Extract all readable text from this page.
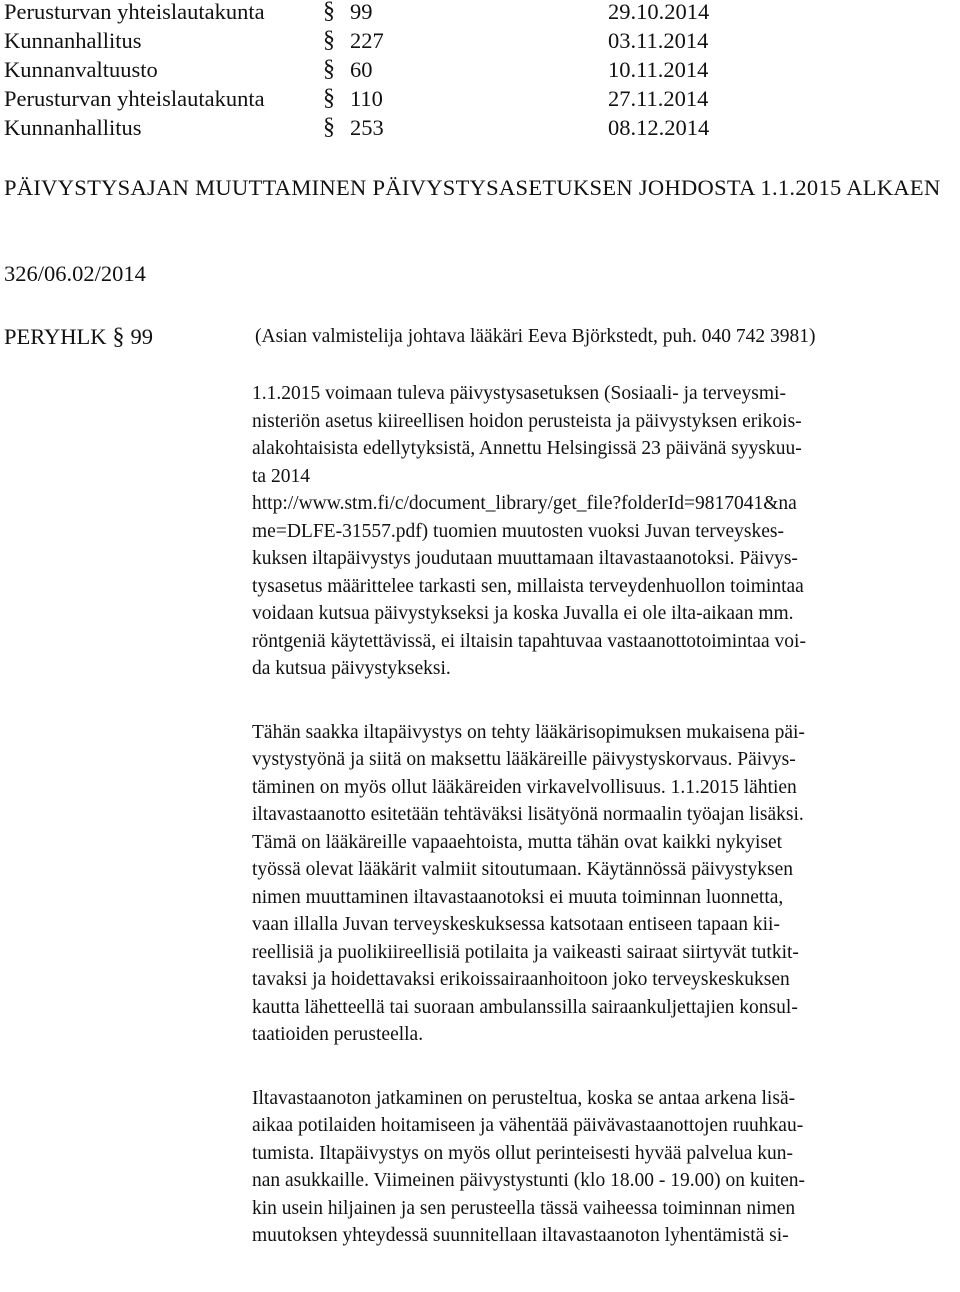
Perusturvan yhteislautakunta § 99	29.10.2014
Kunnanhallitus	§ 227	03.11.2014
Kunnanvaltuusto	§ 60	10.11.2014
Perusturvan yhteislautakunta § 110	27.11.2014
Kunnanhallitus	§ 253	08.12.2014
PÄIVYSTYSAJAN MUUTTAMINEN PÄIVYSTYSASETUKSEN JOHDOSTA 1.1.2015 ALKAEN
326/06.02/2014
PERYHLK § 99	(Asian valmistelija johtava lääkäri Eeva Björkstedt, puh. 040 742 3981)

1.1.2015 voimaan tuleva päivystysasetuksen (Sosiaali- ja terveysmi-
nisteriön asetus kiireellisen hoidon perusteista ja päivystyksen erikois-
alakohtaisista edellytyksistä, Annettu Helsingissä 23 päivänä syyskuu-
ta 2014
http://www.stm.fi/c/document_library/get_file?folderId=9817041&na
me=DLFE-31557.pdf) tuomien muutosten vuoksi Juvan terveyskes-
kuksen iltapäivystys joudutaan muuttamaan iltavastaanotoksi. Päivys-
tysasetus määrittelee tarkasti sen, millaista terveydenhuollon toimintaa
voidaan kutsua päivystykseksi ja koska Juvalla ei ole ilta-aikaan mm.
röntgeniä käytettävissä, ei iltaisin tapahtuvaa vastaanottotoimintaa voi-
da kutsua päivystykseksi.

Tähän saakka iltapäivystys on tehty lääkärisopimuksen mukaisena päi-
vystystyönä ja siitä on maksettu lääkäreille päivystyskorvaus. Päivys-
täminen on myös ollut lääkäreiden virkavelvollisuus. 1.1.2015 lähtien
iltavastaanotto esitetään tehtäväksi lisätyönä normaalin työajan lisäksi.
Tämä on lääkäreille vapaaehtoista, mutta tähän ovat kaikki nykyiset
työssä olevat lääkärit valmiit sitoutumaan. Käytännössä päivystyksen
nimen muuttaminen iltavastaanotoksi ei muuta toiminnan luonnetta,
vaan illalla Juvan terveyskeskuksessa katsotaan entiseen tapaan kii-
reellisiä ja puolikiireellisiä potilaita ja vaikeasti sairaat siirtyvät tutkit-
tavaksi ja hoidettavaksi erikoissairaanhoitoon joko terveyskeskuksen
kautta lähetteellä tai suoraan ambulanssilla sairaankuljettajien konsul-
taatioiden perusteella.

Iltavastaanoton jatkaminen on perusteltua, koska se antaa arkena lisä-
aikaa potilaiden hoitamiseen ja vähentää päivävastaanottojen ruuhkau-
tumista. Iltapäivystys on myös ollut perinteisesti hyvää palvelua kun-
nan asukkaille. Viimeinen päivystystunti (klo 18.00 - 19.00) on kuiten-
kin usein hiljainen ja sen perusteella tässä vaiheessa toiminnan nimen
muutoksen yhteydessä suunnitellaan iltavastaanoton lyhentämistä si-
